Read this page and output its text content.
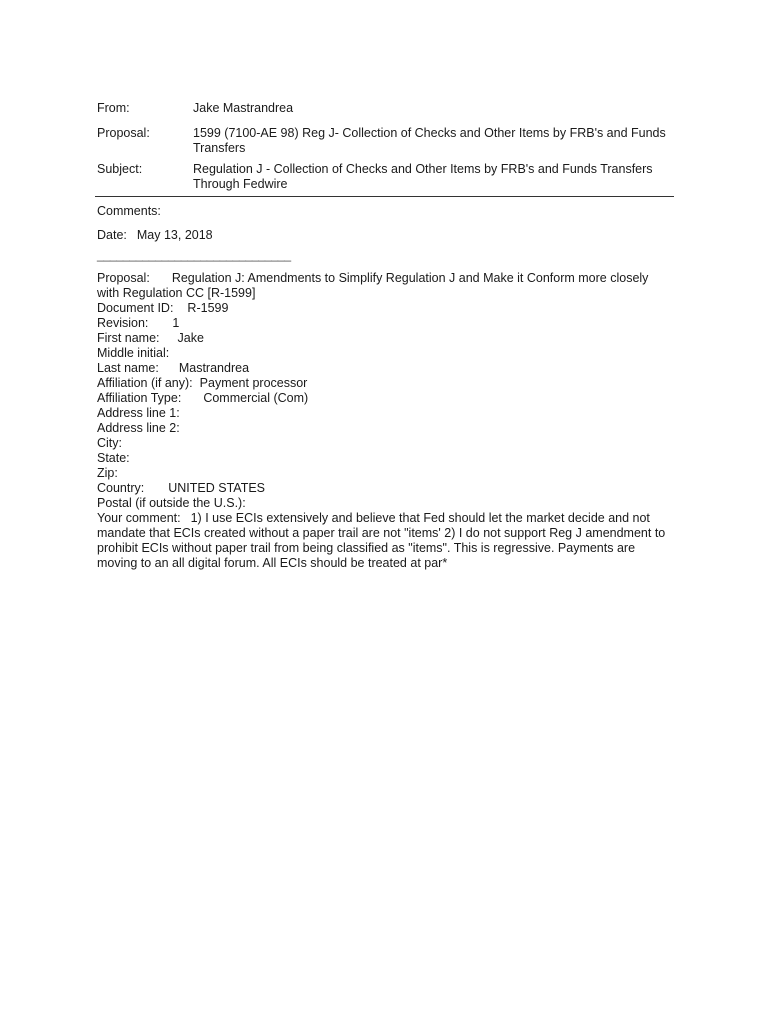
From:	Jake Mastrandrea
Proposal:	1599 (7100-AE 98) Reg J- Collection of Checks and Other Items by FRB's and Funds
Transfers
Subject:	Regulation J - Collection of Checks and Other Items by FRB's and Funds Transfers
Through Fedwire
Comments:
Date: May 13, 2018
______________________________
Proposal: Regulation J: Amendments to Simplify Regulation J and Make it Conform more closely
with Regulation CC [R-1599]
Document ID: R-1599
Revision: 1
First name: Jake
Middle initial:
Last name: Mastrandrea
Affiliation (if any): Payment processor
Affiliation Type: Commercial (Com)
Address line 1:
Address line 2:
City:
State:
Zip:
Country: UNITED STATES
Postal (if outside the U.S.):
Your comment: 1) I use ECIs extensively and believe that Fed should let the market decide and not
mandate that ECIs created without a paper trail are not "items' 2) I do not support Reg J amendment to
prohibit ECIs without paper trail from being classified as "items". This is regressive. Payments are
moving to an all digital forum. All ECIs should be treated at par*
